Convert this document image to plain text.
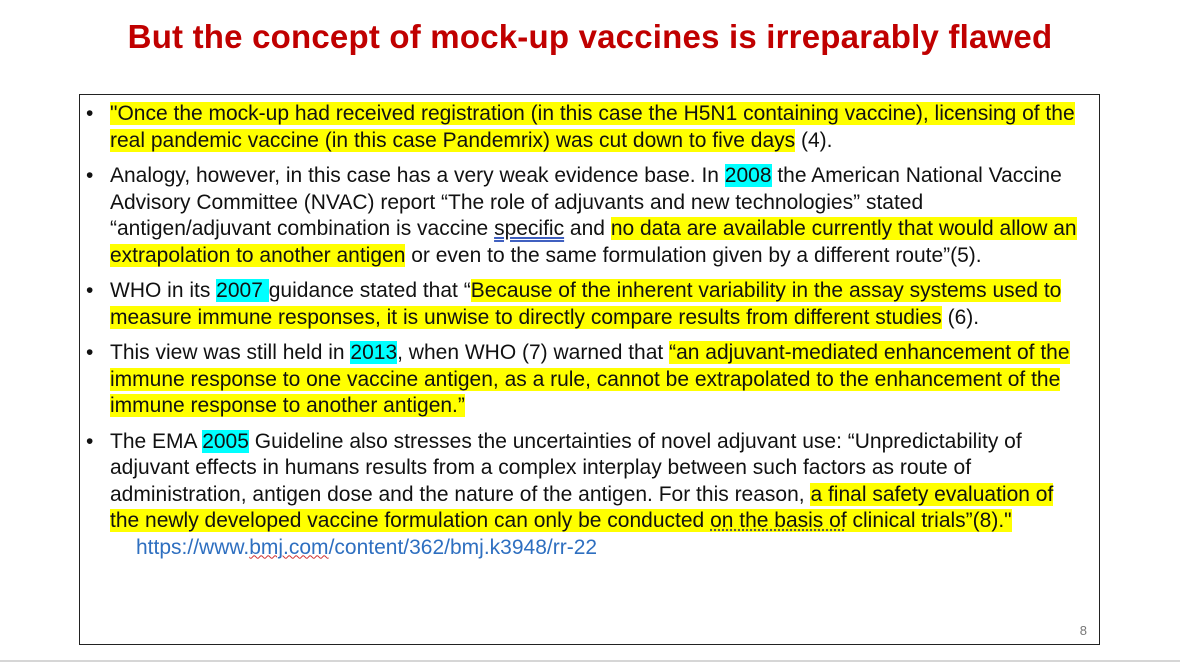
But the concept of mock-up vaccines is irreparably flawed
• "Once the mock-up had received registration (in this case the H5N1 containing vaccine), licensing of the real pandemic vaccine (in this case Pandemrix) was cut down to five days (4).
• Analogy, however, in this case has a very weak evidence base. In 2008 the American National Vaccine Advisory Committee (NVAC) report “The role of adjuvants and new technologies” stated “antigen/adjuvant combination is vaccine specific and no data are available currently that would allow an extrapolation to another antigen or even to the same formulation given by a different route”(5).
• WHO in its 2007 guidance stated that “Because of the inherent variability in the assay systems used to measure immune responses, it is unwise to directly compare results from different studies (6).
• This view was still held in 2013, when WHO (7) warned that “an adjuvant-mediated enhancement of the immune response to one vaccine antigen, as a rule, cannot be extrapolated to the enhancement of the immune response to another antigen.”
• The EMA 2005 Guideline also stresses the uncertainties of novel adjuvant use: “Unpredictability of adjuvant effects in humans results from a complex interplay between such factors as route of administration, antigen dose and the nature of the antigen. For this reason, a final safety evaluation of the newly developed vaccine formulation can only be conducted on the basis of clinical trials”(8)." https://www.bmj.com/content/362/bmj.k3948/rr-22
8
